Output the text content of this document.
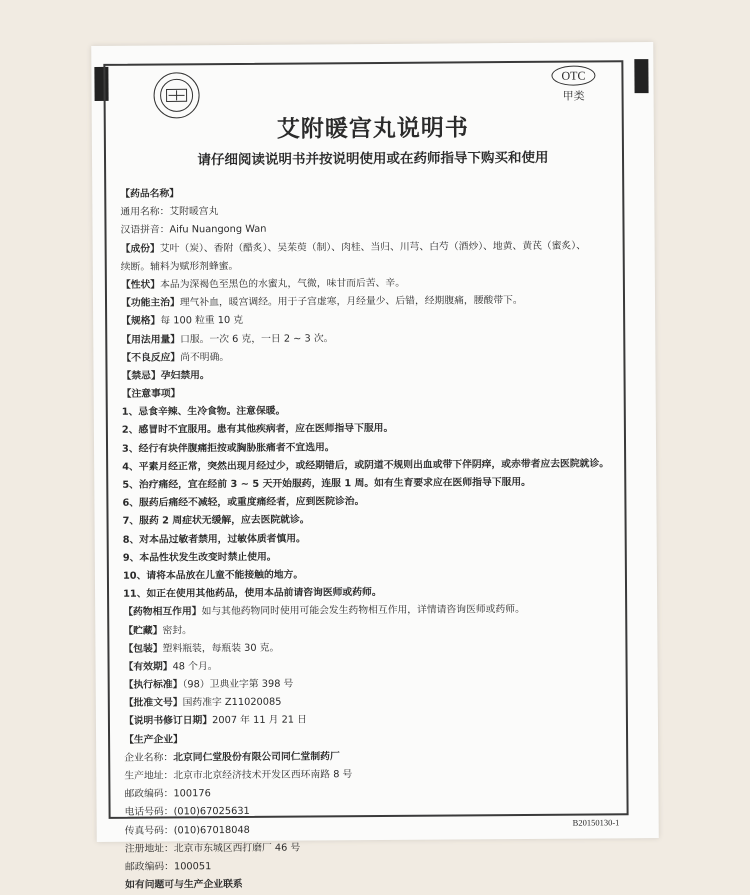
OTC
甲类
艾附暖宫丸说明书
请仔细阅读说明书并按说明使用或在药师指导下购买和使用
【药品名称】
通用名称：艾附暖宫丸
汉语拼音：Aifu Nuangong Wan
【成份】艾叶（炭）、香附（醋炙）、吴茱萸（制）、肉桂、当归、川芎、白芍（酒炒）、地黄、黄芪（蜜炙）、
续断。辅料为赋形剂蜂蜜。
【性状】本品为深褐色至黑色的水蜜丸，气微，味甘而后苦、辛。
【功能主治】理气补血，暖宫调经。用于子宫虚寒，月经量少、后错，经期腹痛，腰酸带下。
【规格】每 100 粒重 10 克
【用法用量】口服。一次 6 克，一日 2 ~ 3 次。
【不良反应】尚不明确。
【禁忌】孕妇禁用。
【注意事项】
1、忌食辛辣、生冷食物。注意保暖。
2、感冒时不宜服用。患有其他疾病者，应在医师指导下服用。
3、经行有块伴腹痛拒按或胸胁胀痛者不宜选用。
4、平素月经正常，突然出现月经过少，或经期错后，或阴道不规则出血或带下伴阴痒，或赤带者应去医院就诊。
5、治疗痛经，宜在经前 3 ~ 5 天开始服药，连服 1 周。如有生育要求应在医师指导下服用。
6、服药后痛经不减轻，或重度痛经者，应到医院诊治。
7、服药 2 周症状无缓解，应去医院就诊。
8、对本品过敏者禁用，过敏体质者慎用。
9、本品性状发生改变时禁止使用。
10、请将本品放在儿童不能接触的地方。
11、如正在使用其他药品，使用本品前请咨询医师或药师。
【药物相互作用】如与其他药物同时使用可能会发生药物相互作用，详情请咨询医师或药师。
【贮藏】密封。
【包装】塑料瓶装，每瓶装 30 克。
【有效期】48 个月。
【执行标准】（98）卫典业字第 398 号
【批准文号】国药准字 Z11020085
【说明书修订日期】2007 年 11 月 21 日
【生产企业】
企业名称：北京同仁堂股份有限公司同仁堂制药厂
生产地址：北京市北京经济技术开发区西环南路 8 号
邮政编码：100176
电话号码：(010)67025631
传真号码：(010)67018048
注册地址：北京市东城区西打磨厂 46 号
邮政编码：100051
如有问题可与生产企业联系
B20150130-1
